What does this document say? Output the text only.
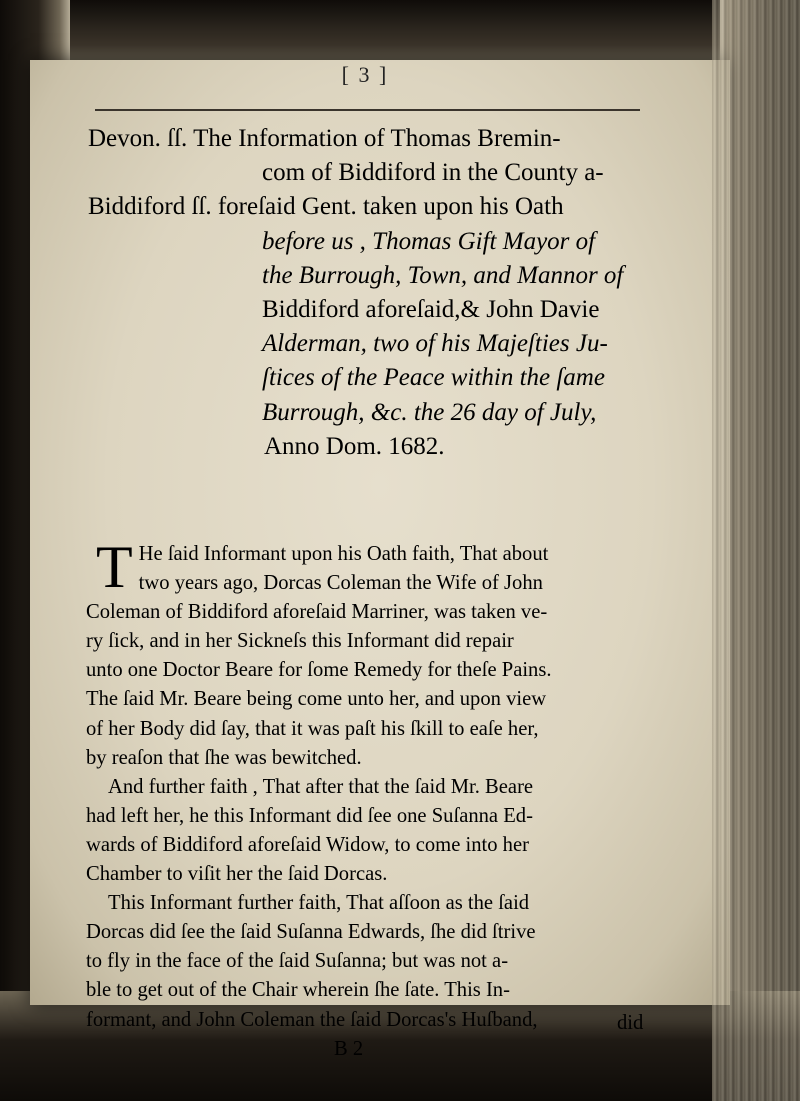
[ 3 ]
Devon. ſſ. The Information of Thomas Bremin-
com of Biddiford in the County a-
Biddiford ſſ. foreſaid Gent. taken upon his Oath
before us , Thomas Gift Mayor of
the Burrough, Town, and Mannor of
Biddiford aforeſaid,& John Davie
Alderman, two of his Majeſties Ju-
ſtices of the Peace within the ſame
Burrough, &c. the 26 day of July,
Anno Dom. 1682.
T He ſaid Informant upon his Oath faith, That about
two years ago, Dorcas Coleman the Wife of John
Coleman of Biddiford aforeſaid Marriner, was taken ve-
ry ſick, and in her Sickneſs this Informant did repair
unto one Doctor Beare for ſome Remedy for theſe Pains.
The ſaid Mr. Beare being come unto her, and upon view
of her Body did ſay, that it was paſt his ſkill to eaſe her,
by reaſon that ſhe was bewitched.
And further faith , That after that the ſaid Mr. Beare
had left her, he this Informant did ſee one Suſanna Ed-
wards of Biddiford aforeſaid Widow, to come into her
Chamber to viſit her the ſaid Dorcas.
This Informant further faith, That aſſoon as the ſaid
Dorcas did ſee the ſaid Suſanna Edwards, ſhe did ſtrive
to fly in the face of the ſaid Suſanna; but was not a-
ble to get out of the Chair wherein ſhe ſate. This In-
formant, and John Coleman the ſaid Dorcas's Huſband,
B 2
did
